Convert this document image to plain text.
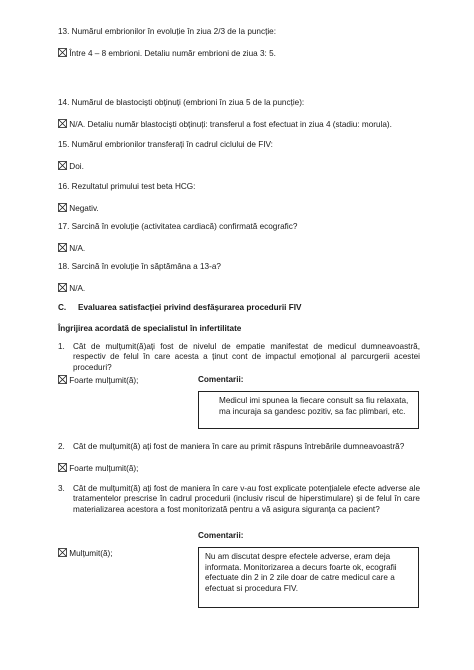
13. Numărul embrionilor în evoluție în ziua 2/3 de la puncție:
Între 4 – 8 embrioni. Detaliu număr embrioni de ziua 3: 5.
14. Numărul de blastociști obținuți (embrioni în ziua 5 de la puncție):
N/A. Detaliu număr blastociști obținuți: transferul a fost efectuat in ziua 4 (stadiu: morula).
15. Numărul embrionilor transferați în cadrul ciclului de FIV:
Doi.
16. Rezultatul primului test beta HCG:
Negativ.
17. Sarcină în evoluție (activitatea cardiacă) confirmată ecografic?
N/A.
18. Sarcină în evoluție în săptămâna a 13-a?
N/A.
C. Evaluarea satisfacției privind desfășurarea procedurii FIV
Îngrijirea acordată de specialistul în infertilitate
1. Cât de mulțumit(ă)ați fost de nivelul de empatie manifestat de medicul dumneavoastră, respectiv de felul în care acesta a ținut cont de impactul emoțional al parcurgerii acestei proceduri?
Foarte mulțumit(ă);	Comentarii:
Medicul imi spunea la fiecare consult sa fiu relaxata, ma incuraja sa gandesc pozitiv, sa fac plimbari, etc.
2. Cât de mulțumit(ă) ați fost de maniera în care au primit răspuns întrebările dumneavoastră?
Foarte mulțumit(ă);
3. Cât de mulțumit(ă) ați fost de maniera în care v-au fost explicate potențialele efecte adverse ale tratamentelor prescrise în cadrul procedurii (inclusiv riscul de hiperstimulare) și de felul în care materializarea acestora a fost monitorizată pentru a vă asigura siguranța ca pacient?
Comentarii:
Mulțumit(ă);	Nu am discutat despre efectele adverse, eram deja informata. Monitorizarea a decurs foarte ok, ecografii efectuate din 2 in 2 zile doar de catre medicul care a efectuat si procedura FIV.
